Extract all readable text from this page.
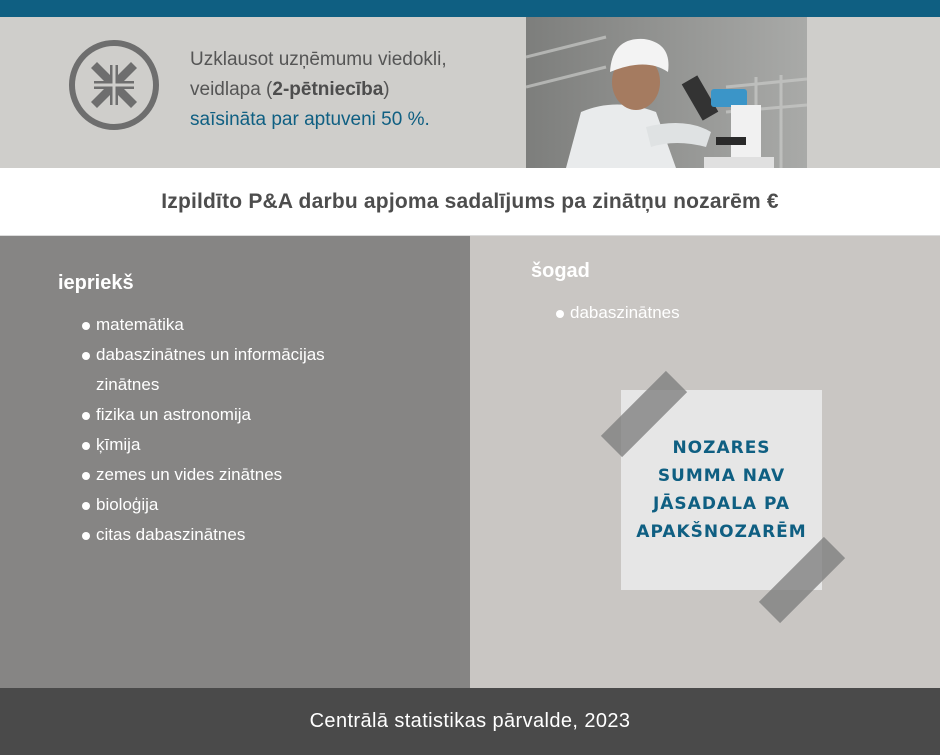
Uzklausot uzņēmumu viedokli,
veidlapa (2-pētniecība)
saīsināta par aptuveni 50 %.
Izpildīto P&A darbu apjoma sadalījums pa zinātņu nozarēm €
iepriekš
matemātika
dabaszinātnes un informācijas zinātnes
fizika un astronomija
ķīmija
zemes un vides zinātnes
bioloģija
citas dabaszinātnes
šogad
dabaszinātnes
NOZARES
SUMMA NAV
JĀSADALA PA
APAKŠNOZARĒM
Centrālā statistikas pārvalde, 2023
